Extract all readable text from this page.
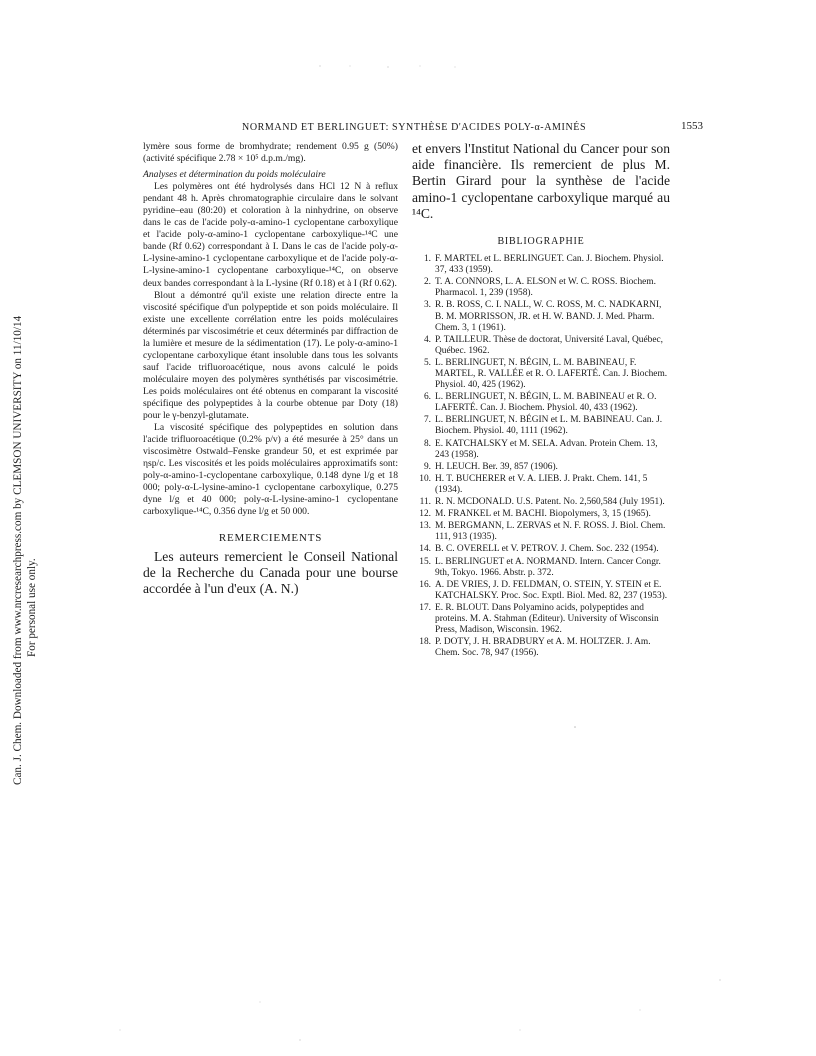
Can. J. Chem. Downloaded from www.nrcresearchpress.com by CLEMSON UNIVERSITY on 11/10/14 For personal use only.
NORMAND ET BERLINGUET: SYNTHÈSE D'ACIDES POLY-α-AMINÉS	1553

lymère sous forme de bromhydrate; rendement 0.95 g (50%) (activité spécifique 2.78 × 10⁵ d.p.m./mg).

Analyses et détermination du poids moléculaire

Les polymères ont été hydrolysés dans HCl 12 N à reflux pendant 48 h. Après chromatographie circulaire dans le solvant pyridine–eau (80:20) et coloration à la ninhydrine, on observe dans le cas de l'acide poly-α-amino-1 cyclopentane carboxylique et l'acide poly-α-amino-1 cyclopentane carboxylique-¹⁴C une bande (Rf 0.62) correspondant à I. Dans le cas de l'acide poly-α-L-lysine-amino-1 cyclopentane carboxylique et de l'acide poly-α-L-lysine-amino-1 cyclopentane carboxylique-¹⁴C, on observe deux bandes correspondant à la L-lysine (Rf 0.18) et à I (Rf 0.62).

Blout a démontré qu'il existe une relation directe entre la viscosité spécifique d'un polypeptide et son poids moléculaire. Il existe une excellente corrélation entre les poids moléculaires déterminés par viscosimétrie et ceux déterminés par diffraction de la lumière et mesure de la sédimentation (17). Le poly-α-amino-1 cyclopentane carboxylique étant insoluble dans tous les solvants sauf l'acide trifluoroacétique, nous avons calculé le poids moléculaire moyen des polymères synthétisés par viscosimétrie. Les poids moléculaires ont été obtenus en comparant la viscosité spécifique des polypeptides à la courbe obtenue par Doty (18) pour le γ-benzyl-glutamate.

La viscosité spécifique des polypeptides en solution dans l'acide trifluoroacétique (0.2% p/v) a été mesurée à 25° dans un viscosimètre Ostwald–Fenske grandeur 50, et est exprimée par ηsp/c. Les viscosités et les poids moléculaires approximatifs sont: poly-α-amino-1-cyclopentane carboxylique, 0.148 dyne l/g et 18 000; poly-α-L-lysine-amino-1 cyclopentane carboxylique, 0.275 dyne l/g et 40 000; poly-α-L-lysine-amino-1 cyclopentane carboxylique-¹⁴C, 0.356 dyne l/g et 50 000.

REMERCIEMENTS

Les auteurs remercient le Conseil National de la Recherche du Canada pour une bourse accordée à l'un d'eux (A. N.)

et envers l'Institut National du Cancer pour son aide financière. Ils remercient de plus M. Bertin Girard pour la synthèse de l'acide amino-1 cyclopentane carboxylique marqué au ¹⁴C.

BIBLIOGRAPHIE
1. F. MARTEL et L. BERLINGUET. Can. J. Biochem. Physiol. 37, 433 (1959).
2. T. A. CONNORS, L. A. ELSON et W. C. ROSS. Biochem. Pharmacol. 1, 239 (1958).
3. R. B. ROSS, C. I. NALL, W. C. ROSS, M. C. NADKARNI, B. M. MORRISSON, JR. et H. W. BAND. J. Med. Pharm. Chem. 3, 1 (1961).
4. P. TAILLEUR. Thèse de doctorat, Université Laval, Québec, Québec. 1962.
5. L. BERLINGUET, N. BÉGIN, L. M. BABINEAU, F. MARTEL, R. VALLÉE et R. O. LAFERTÉ. Can. J. Biochem. Physiol. 40, 425 (1962).
6. L. BERLINGUET, N. BÉGIN, L. M. BABINEAU et R. O. LAFERTÉ. Can. J. Biochem. Physiol. 40, 433 (1962).
7. L. BERLINGUET, N. BÉGIN et L. M. BABINEAU. Can. J. Biochem. Physiol. 40, 1111 (1962).
8. E. KATCHALSKY et M. SELA. Advan. Protein Chem. 13, 243 (1958).
9. H. LEUCH. Ber. 39, 857 (1906).
10. H. T. BUCHERER et V. A. LIEB. J. Prakt. Chem. 141, 5 (1934).
11. R. N. MCDONALD. U.S. Patent. No. 2,560,584 (July 1951).
12. M. FRANKEL et M. BACHI. Biopolymers, 3, 15 (1965).
13. M. BERGMANN, L. ZERVAS et N. F. ROSS. J. Biol. Chem. 111, 913 (1935).
14. B. C. OVERELL et V. PETROV. J. Chem. Soc. 232 (1954).
15. L. BERLINGUET et A. NORMAND. Intern. Cancer Congr. 9th, Tokyo. 1966. Abstr. p. 372.
16. A. DE VRIES, J. D. FELDMAN, O. STEIN, Y. STEIN et E. KATCHALSKY. Proc. Soc. Exptl. Biol. Med. 82, 237 (1953).
17. E. R. BLOUT. Dans Polyamino acids, polypeptides and proteins. M. A. Stahman (Editeur). University of Wisconsin Press, Madison, Wisconsin. 1962.
18. P. DOTY, J. H. BRADBURY et A. M. HOLTZER. J. Am. Chem. Soc. 78, 947 (1956).
